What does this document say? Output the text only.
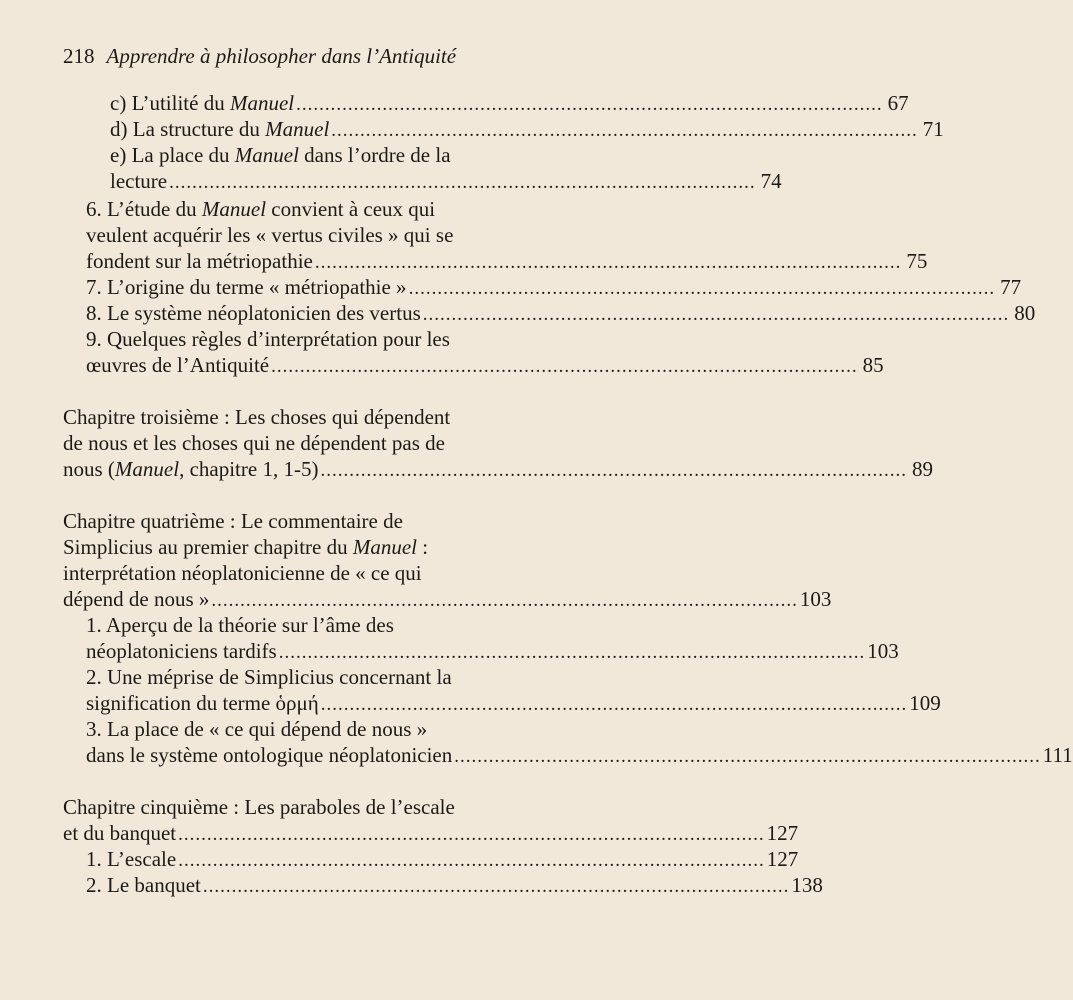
218 Apprendre à philosopher dans l’Antiquité
c) L’utilité du Manuel ...................................................................................................... 67
d) La structure du Manuel ...................................................................................................... 71
e) La place du Manuel dans l’ordre de la
lecture ...................................................................................................... 74
6. L’étude du Manuel convient à ceux qui
veulent acquérir les « vertus civiles » qui se
fondent sur la métriopathie ...................................................................................................... 75
7. L’origine du terme « métriopathie » ...................................................................................................... 77
8. Le système néoplatonicien des vertus ...................................................................................................... 80
9. Quelques règles d’interprétation pour les
œuvres de l’Antiquité ...................................................................................................... 85
Chapitre troisième : Les choses qui dépendent
de nous et les choses qui ne dépendent pas de
nous (Manuel, chapitre 1, 1-5) ...................................................................................................... 89
Chapitre quatrième : Le commentaire de
Simplicius au premier chapitre du Manuel :
interprétation néoplatonicienne de « ce qui
dépend de nous » ...................................................................................................... 103
1. Aperçu de la théorie sur l’âme des
néoplatoniciens tardifs ...................................................................................................... 103
2. Une méprise de Simplicius concernant la
signification du terme ὁρμή ...................................................................................................... 109
3. La place de « ce qui dépend de nous »
dans le système ontologique néoplatonicien ...................................................................................................... 111
Chapitre cinquième : Les paraboles de l’escale
et du banquet ...................................................................................................... 127
1. L’escale ...................................................................................................... 127
2. Le banquet ...................................................................................................... 138
